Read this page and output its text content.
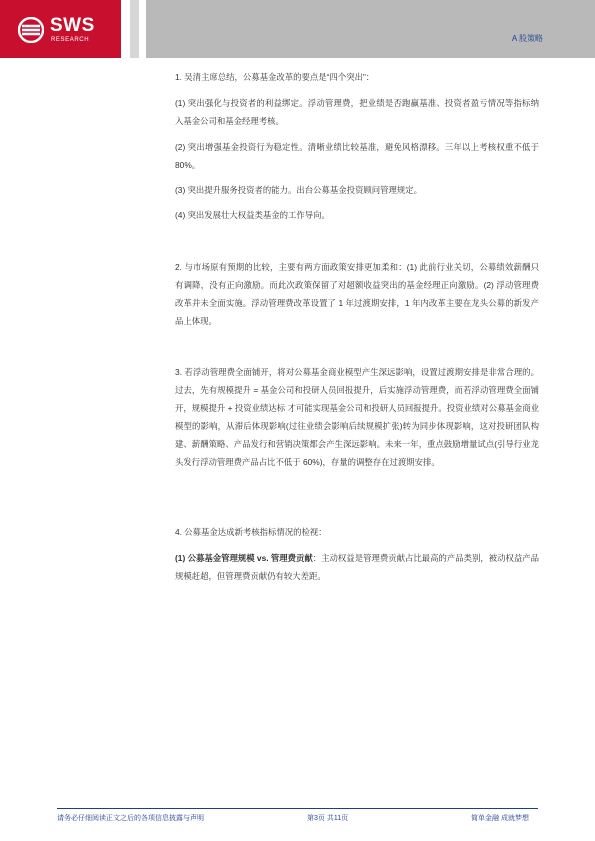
SWS
RESEARCH	A 股策略
1. 吴清主席总结，公募基金改革的要点是“四个突出”：
(1) 突出强化与投资者的利益绑定。浮动管理费，把业绩是否跑赢基准、投资者盈亏情况等指标纳入基金公司和基金经理考核。
(2) 突出增强基金投资行为稳定性。清晰业绩比较基准，避免风格漂移。三年以上考核权重不低于 80%。
(3) 突出提升服务投资者的能力。出台公募基金投资顾问管理规定。
(4) 突出发展壮大权益类基金的工作导向。
2. 与市场原有预期的比较，主要有两方面政策安排更加柔和：(1) 此前行业关切，公募绩效薪酬只有调降，没有正向激励。而此次政策保留了对超额收益突出的基金经理正向激励。(2) 浮动管理费改革并未全面实施。浮动管理费改革设置了 1 年过渡期安排，1 年内改革主要在龙头公募的新发产品上体现。
3. 若浮动管理费全面铺开，将对公募基金商业模型产生深远影响，设置过渡期安排是非常合理的。过去，先有规模提升 = 基金公司和投研人员回报提升，后实施浮动管理费，而若浮动管理费全面铺开，规模提升 + 投资业绩达标 才可能实现基金公司和投研人员回报提升。投资业绩对公募基金商业模型的影响，从滞后体现影响(过往业绩会影响后续规模扩张)转为同步体现影响，这对投研团队构建、薪酬策略、产品发行和营销决策都会产生深远影响。未来一年，重点鼓励增量试点(引导行业龙头发行浮动管理费产品占比不低于 60%)，存量的调整存在过渡期安排。
4. 公募基金达成新考核指标情况的检视：
(1) 公募基金管理规模 vs. 管理费贡献：主动权益是管理费贡献占比最高的产品类别，被动权益产品规模赶超，但管理费贡献仍有较大差距。
请务必仔细阅读正文之后的各项信息披露与声明	第3页 共11页	简单金融 成就梦想
